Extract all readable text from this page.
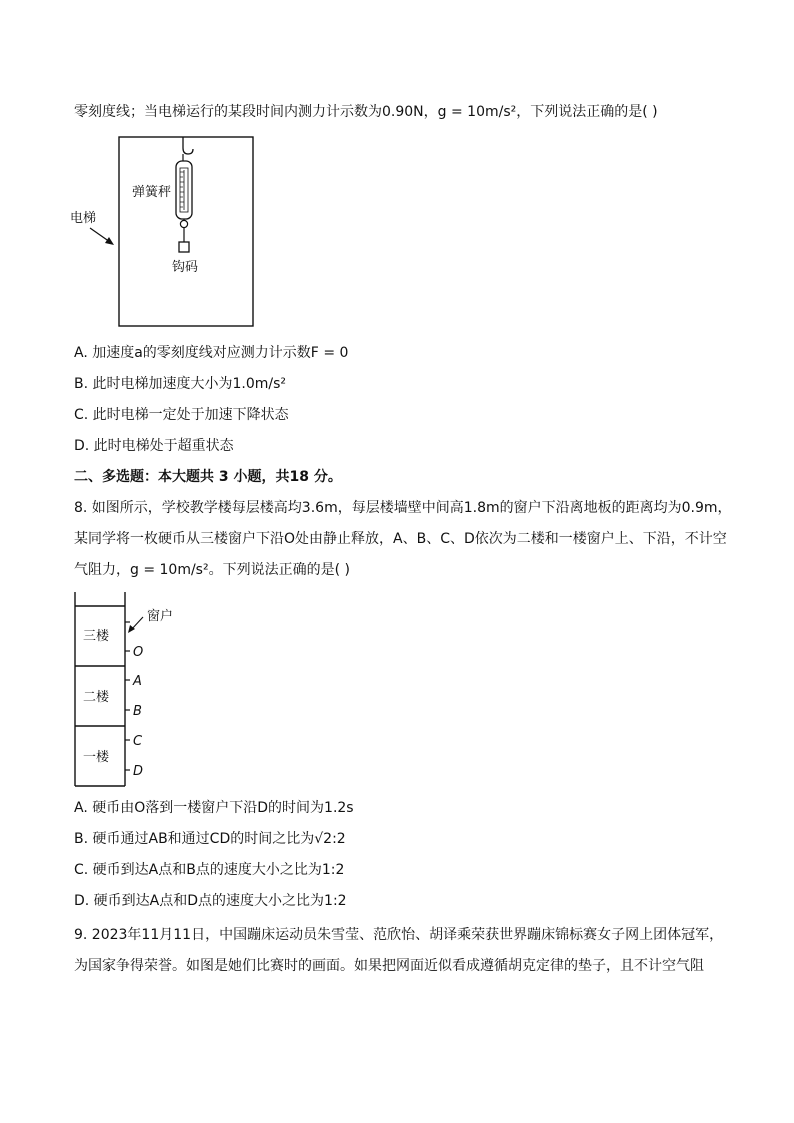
零刻度线；当电梯运行的某段时间内测力计示数为0.90N，g = 10m/s²，下列说法正确的是( )
弹簧秤
钩码
电梯
A. 加速度a的零刻度线对应测力计示数F = 0
B. 此时电梯加速度大小为1.0m/s²
C. 此时电梯一定处于加速下降状态
D. 此时电梯处于超重状态
二、多选题：本大题共 3 小题，共18 分。
8. 如图所示，学校教学楼每层楼高均3.6m，每层楼墙壁中间高1.8m的窗户下沿离地板的距离均为0.9m，
某同学将一枚硬币从三楼窗户下沿O处由静止释放，A、B、C、D依次为二楼和一楼窗户上、下沿，不计空
气阻力，g = 10m/s²。下列说法正确的是( )
三楼
二楼
一楼
窗户
O
A
B
C
D
A. 硬币由O落到一楼窗户下沿D的时间为1.2s
B. 硬币通过AB和通过CD的时间之比为√2:2
C. 硬币到达A点和B点的速度大小之比为1:2
D. 硬币到达A点和D点的速度大小之比为1:2
9. 2023年11月11日，中国蹦床运动员朱雪莹、范欣怡、胡译乘荣获世界蹦床锦标赛女子网上团体冠军，
为国家争得荣誉。如图是她们比赛时的画面。如果把网面近似看成遵循胡克定律的垫子，且不计空气阻
